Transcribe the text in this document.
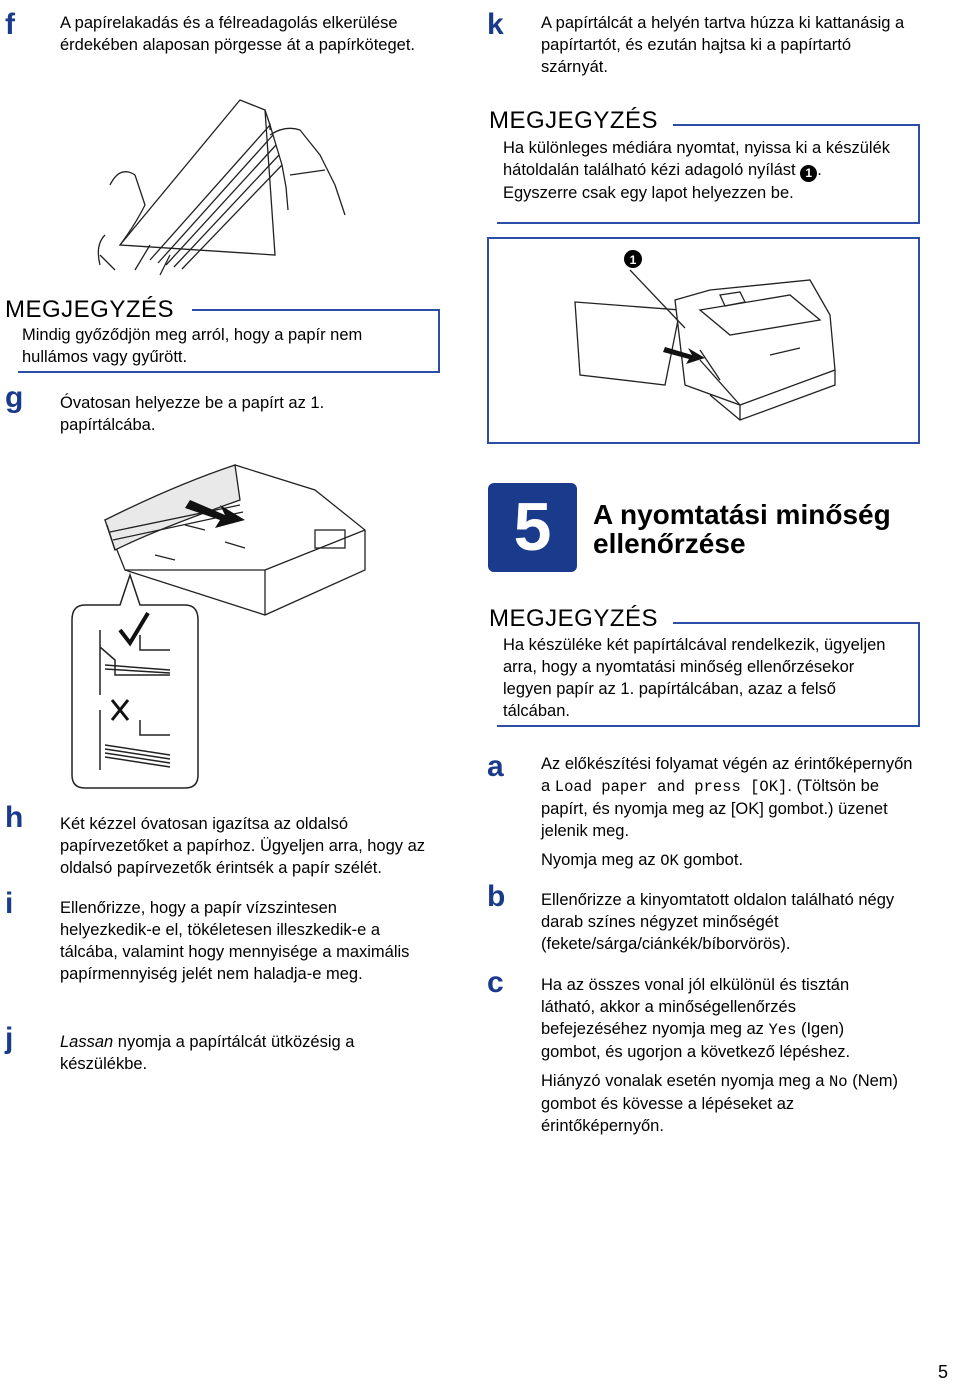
f	A papírelakadás és a félreadagolás elkerülése érdekében alaposan pörgesse át a papírköteget.
MEGJEGYZÉS
Mindig győződjön meg arról, hogy a papír nem hullámos vagy gyűrött.
g Óvatosan helyezze be a papírt az 1. papírtálcába.
h Két kézzel óvatosan igazítsa az oldalsó papírvezetőket a papírhoz. Ügyeljen arra, hogy az oldalsó papírvezetők érintsék a papír szélét.
i	Ellenőrizze, hogy a papír vízszintesen helyezkedik-e el, tökéletesen illeszkedik-e a tálcába, valamint hogy mennyisége a maximális papírmennyiség jelét nem haladja-e meg.
j	Lassan nyomja a papírtálcát ütközésig a készülékbe.
k A papírtálcát a helyén tartva húzza ki kattanásig a papírtartót, és ezután hajtsa ki a papírtartó szárnyát.
MEGJEGYZÉS
Ha különleges médiára nyomtat, nyissa ki a készülék hátoldalán található kézi adagoló nyílást 1 . Egyszerre csak egy lapot helyezzen be.
1
5	A nyomtatási minőség
ellenőrzése
MEGJEGYZÉS
Ha készüléke két papírtálcával rendelkezik, ügyeljen arra, hogy a nyomtatási minőség ellenőrzésekor legyen papír az 1. papírtálcában, azaz a felső tálcában.
a Az előkészítési folyamat végén az érintőképernyőn a Load paper and press [OK]. (Töltsön be papírt, és nyomja meg az [OK] gombot.) üzenet jelenik meg.
Nyomja meg az OK gombot.
b Ellenőrizze a kinyomtatott oldalon található négy darab színes négyzet minőségét (fekete/sárga/ciánkék/bíborvörös).
c Ha az összes vonal jól elkülönül és tisztán látható, akkor a minőségellenőrzés befejezéséhez nyomja meg az Yes (Igen) gombot, és ugorjon a következő lépéshez.
Hiányzó vonalak esetén nyomja meg a No (Nem) gombot és kövesse a lépéseket az érintőképernyőn.
5
